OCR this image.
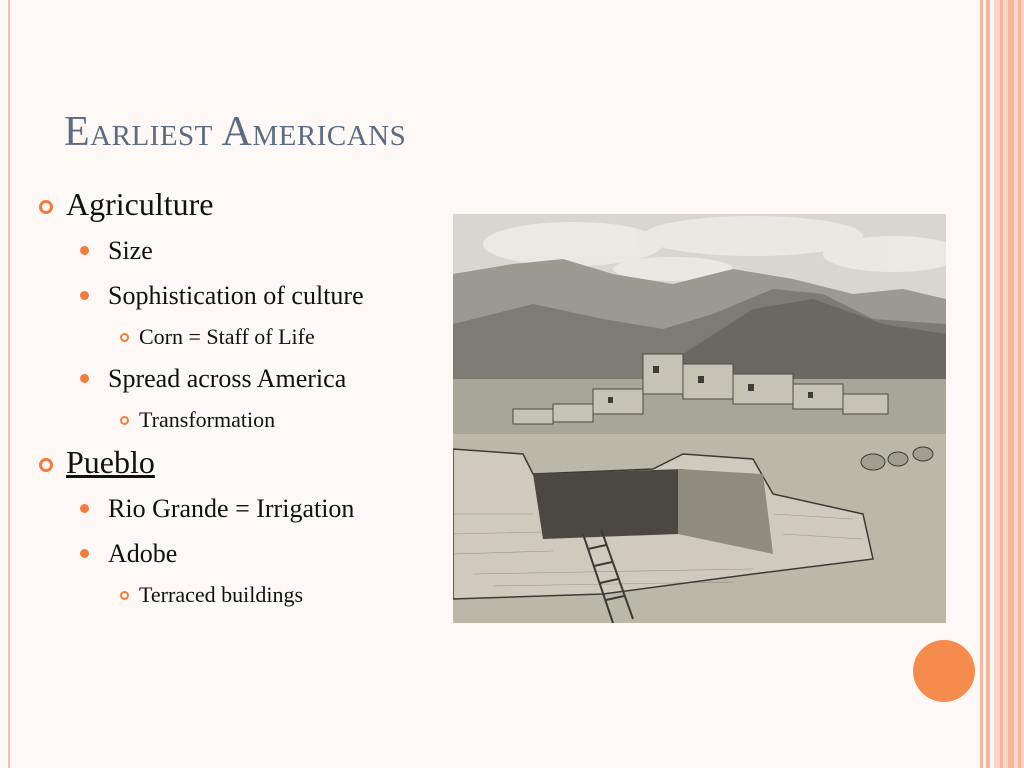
Earliest Americans
Agriculture
Size
Sophistication of culture
Corn = Staff of Life
Spread across America
Transformation
Pueblo
Rio Grande = Irrigation
Adobe
Terraced buildings
